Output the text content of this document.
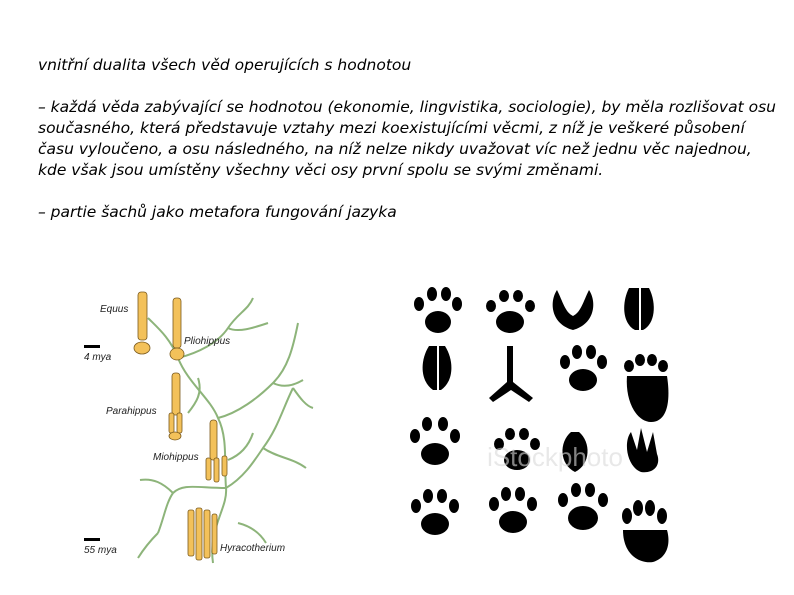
vnitřní dualita všech věd operujících s hodnotou

– každá věda zabývající se hodnotou (ekonomie, lingvistika, sociologie), by měla rozlišovat osu současného, která představuje vztahy mezi koexistujícími věcmi, z níž je veškeré působení času vyloučeno, a osu následného, na níž nelze nikdy uvažovat víc než jednu věc najednou, kde však jsou umístěny všechny věci osy první spolu se svými změnami.

– partie šachů jako metafora fungování jazyka

Equus
Pliohippus
Parahippus
Miohippus
Hyracotherium
4 mya
55 mya
iStockphoto
